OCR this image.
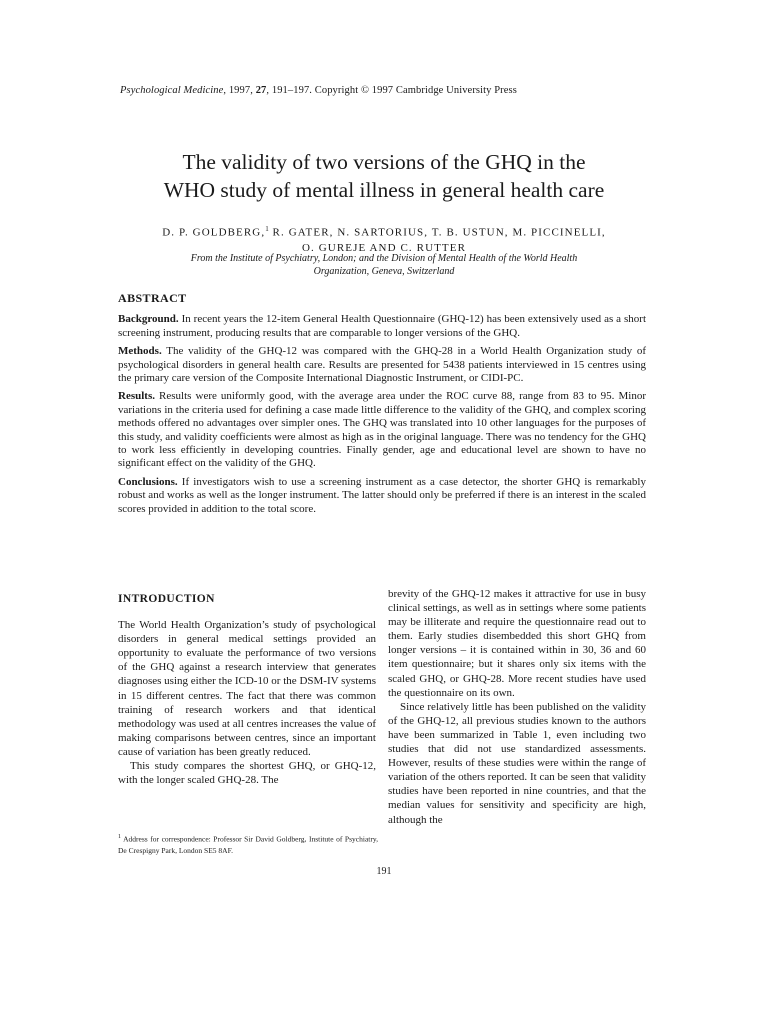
Psychological Medicine, 1997, 27, 191–197. Copyright © 1997 Cambridge University Press
The validity of two versions of the GHQ in the
WHO study of mental illness in general health care
D. P. GOLDBERG,$^1$ R. GATER, N. SARTORIUS, T. B. USTUN, M. PICCINELLI,
O. GUREJE AND C. RUTTER
From the Institute of Psychiatry, London; and the Division of Mental Health of the World Health
Organization, Geneva, Switzerland
ABSTRACT

Background. In recent years the 12-item General Health Questionnaire (GHQ-12) has been extensively used as a short screening instrument, producing results that are comparable to longer versions of the GHQ.

Methods. The validity of the GHQ-12 was compared with the GHQ-28 in a World Health Organization study of psychological disorders in general health care. Results are presented for 5438 patients interviewed in 15 centres using the primary care version of the Composite International Diagnostic Instrument, or CIDI-PC.

Results. Results were uniformly good, with the average area under the ROC curve 88, range from 83 to 95. Minor variations in the criteria used for defining a case made little difference to the validity of the GHQ, and complex scoring methods offered no advantages over simpler ones. The GHQ was translated into 10 other languages for the purposes of this study, and validity coefficients were almost as high as in the original language. There was no tendency for the GHQ to work less efficiently in developing countries. Finally gender, age and educational level are shown to have no significant effect on the validity of the GHQ.

Conclusions. If investigators wish to use a screening instrument as a case detector, the shorter GHQ is remarkably robust and works as well as the longer instrument. The latter should only be preferred if there is an interest in the scaled scores provided in addition to the total score.

INTRODUCTION

The World Health Organization’s study of psychological disorders in general medical settings provided an opportunity to evaluate the performance of two versions of the GHQ against a research interview that generates diagnoses using either the ICD-10 or the DSM-IV systems in 15 different centres. The fact that there was common training of research workers and that identical methodology was used at all centres increases the value of making comparisons between centres, since an important cause of variation has been greatly reduced.

This study compares the shortest GHQ, or GHQ-12, with the longer scaled GHQ-28. The

brevity of the GHQ-12 makes it attractive for use in busy clinical settings, as well as in settings where some patients may be illiterate and require the questionnaire read out to them. Early studies disembedded this short GHQ from longer versions – it is contained within in 30, 36 and 60 item questionnaire; but it shares only six items with the scaled GHQ, or GHQ-28. More recent studies have used the questionnaire on its own.

Since relatively little has been published on the validity of the GHQ-12, all previous studies known to the authors have been summarized in Table 1, even including two studies that did not use standardized assessments. However, results of these studies were within the range of variation of the others reported. It can be seen that validity studies have been reported in nine countries, and that the median values for sensitivity and specificity are high, although the

$^1$ Address for correspondence: Professor Sir David Goldberg, Institute of Psychiatry, De Crespigny Park, London SE5 8AF.
191
